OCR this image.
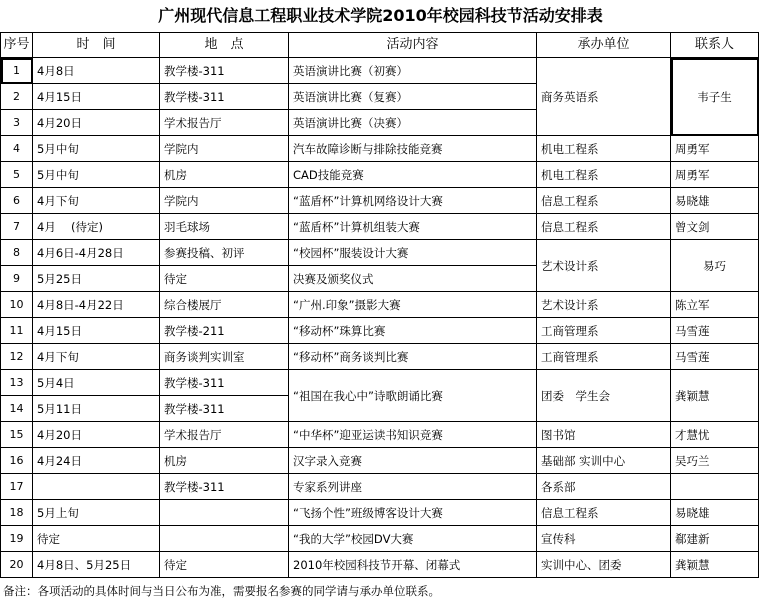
广州现代信息工程职业技术学院2010年校园科技节活动安排表
序号	时　间	地　点	活动内容	承办单位	联系人
1	4月8日	教学楼-311	英语演讲比赛（初赛）	商务英语系	韦子生
2	4月15日	教学楼-311	英语演讲比赛（复赛）		
3	4月20日	学术报告厅	英语演讲比赛（决赛）		
4	5月中旬	学院内	汽车故障诊断与排除技能竞赛	机电工程系	周勇军
5	5月中旬	机房	CAD技能竞赛	机电工程系	周勇军
6	4月下旬	学院内	“蓝盾杯”计算机网络设计大赛	信息工程系	易晓雄
7	4月　 (待定)	羽毛球场	“蓝盾杯”计算机组装大赛	信息工程系	曾文剑
8	4月6日-4月28日	参赛投稿、初评	“校园杯”服装设计大赛	艺术设计系	易巧
9	5月25日	待定	决赛及颁奖仪式		
10	4月8日-4月22日	综合楼展厅	“广州.印象”摄影大赛	艺术设计系	陈立军
11	4月15日	教学楼-211	“移动杯”珠算比赛	工商管理系	马雪莲
12	4月下旬	商务谈判实训室	“移动杯”商务谈判比赛	工商管理系	马雪莲
13	5月4日	教学楼-311	“祖国在我心中”诗歌朗诵比赛	团委　学生会	龚颖慧
14	5月11日	教学楼-311			
15	4月20日	学术报告厅	“中华杯”迎亚运读书知识竞赛	图书馆	才慧忧
16	4月24日	机房	汉字录入竞赛	基础部 实训中心	吴巧兰
17		教学楼-311	专家系列讲座	各系部	
18	5月上旬		“飞扬个性”班级博客设计大赛	信息工程系	易晓雄
19	待定		“我的大学”校园DV大赛	宣传科	郗建新
20	4月8日、5月25日	待定	2010年校园科技节开幕、闭幕式	实训中心、团委	龚颖慧
备注：各项活动的具体时间与当日公布为准，需要报名参赛的同学请与承办单位联系。
